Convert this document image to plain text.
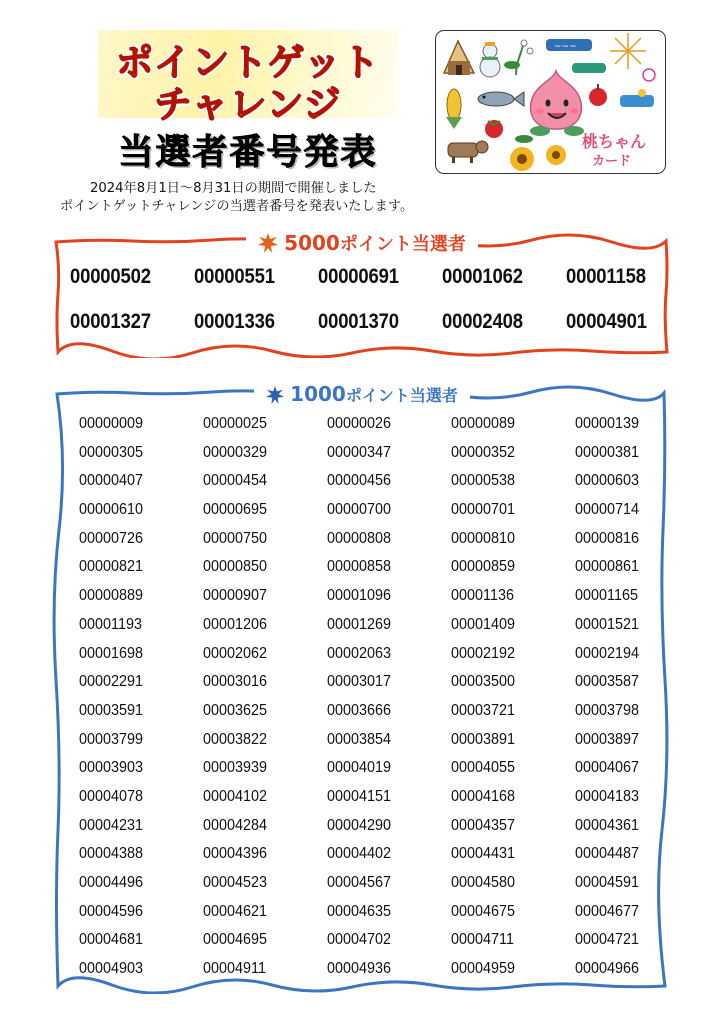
ポイントゲット
チャレンジ
当選者番号発表
2024年8月1日～8月31日の期間で開催しました
ポイントゲットチャレンジの当選者番号を発表いたします。
~~~
桃ちゃん
カード
5000ポイント当選者
00000502	00000551	00000691	00001062	00001158
00001327	00001336	00001370	00002408	00004901
1000ポイント当選者
00000009	00000025	00000026	00000089	00000139
00000305	00000329	00000347	00000352	00000381
00000407	00000454	00000456	00000538	00000603
00000610	00000695	00000700	00000701	00000714
00000726	00000750	00000808	00000810	00000816
00000821	00000850	00000858	00000859	00000861
00000889	00000907	00001096	00001136	00001165
00001193	00001206	00001269	00001409	00001521
00001698	00002062	00002063	00002192	00002194
00002291	00003016	00003017	00003500	00003587
00003591	00003625	00003666	00003721	00003798
00003799	00003822	00003854	00003891	00003897
00003903	00003939	00004019	00004055	00004067
00004078	00004102	00004151	00004168	00004183
00004231	00004284	00004290	00004357	00004361
00004388	00004396	00004402	00004431	00004487
00004496	00004523	00004567	00004580	00004591
00004596	00004621	00004635	00004675	00004677
00004681	00004695	00004702	00004711	00004721
00004903	00004911	00004936	00004959	00004966
